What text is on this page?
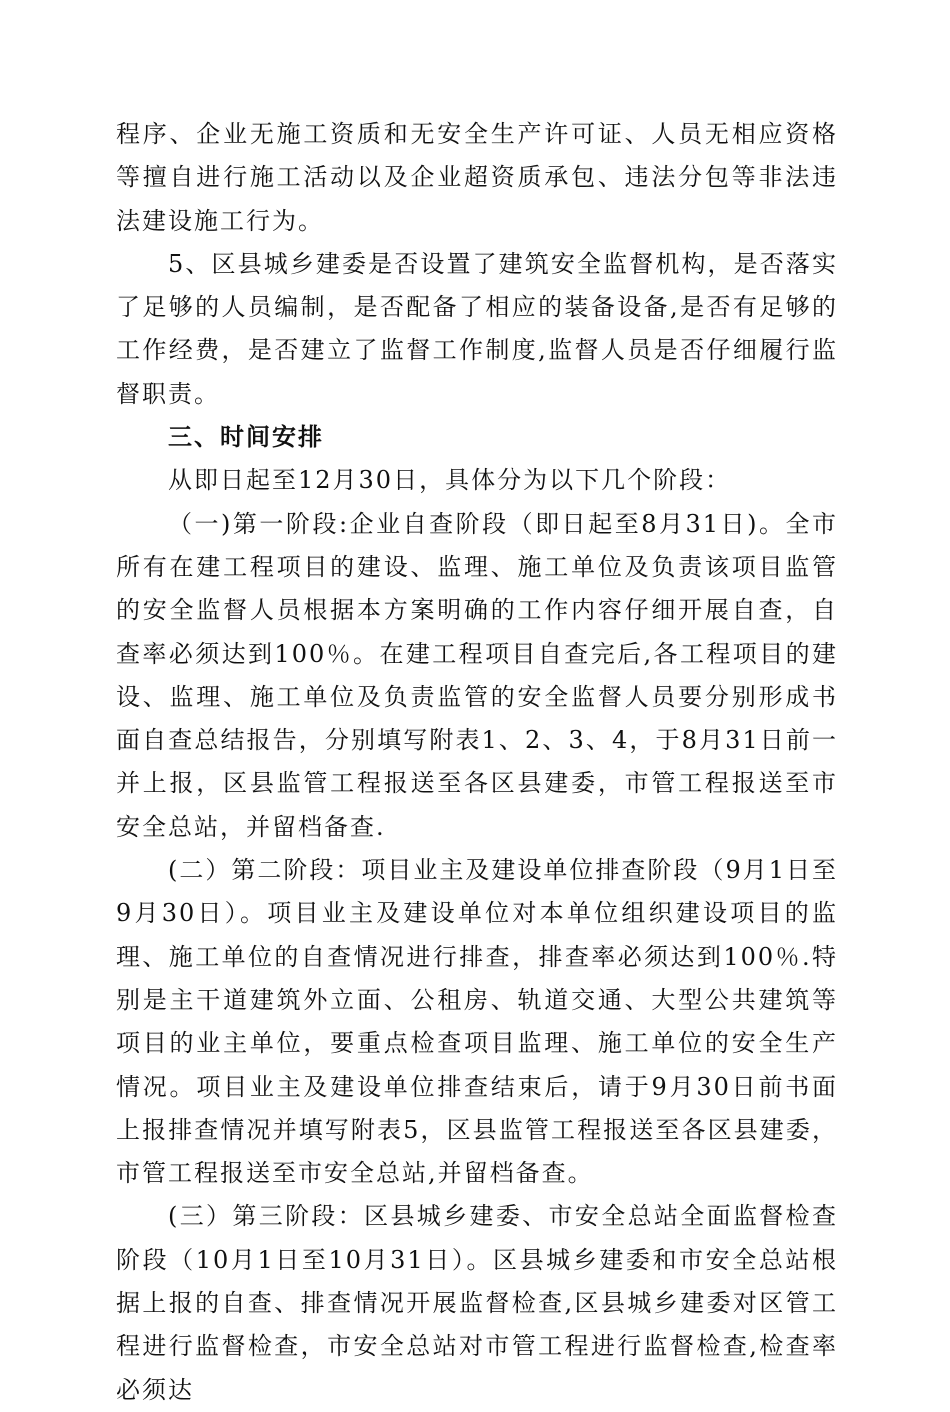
程序、企业无施工资质和无安全生产许可证、人员无相应资格等擅自进行施工活动以及企业超资质承包、违法分包等非法违法建设施工行为。

5、区县城乡建委是否设置了建筑安全监督机构，是否落实了足够的人员编制，是否配备了相应的装备设备,是否有足够的工作经费，是否建立了监督工作制度,监督人员是否仔细履行监督职责。

三、时间安排

从即日起至12月30日，具体分为以下几个阶段：

（一)第一阶段:企业自查阶段（即日起至8月31日)。全市所有在建工程项目的建设、监理、施工单位及负责该项目监管的安全监督人员根据本方案明确的工作内容仔细开展自查，自查率必须达到100％。在建工程项目自查完后,各工程项目的建设、监理、施工单位及负责监管的安全监督人员要分别形成书面自查总结报告，分别填写附表1、2、3、4，于8月31日前一并上报，区县监管工程报送至各区县建委，市管工程报送至市安全总站，并留档备查.

(二）第二阶段：项目业主及建设单位排查阶段（9月1日至9月30日）。项目业主及建设单位对本单位组织建设项目的监理、施工单位的自查情况进行排查，排查率必须达到100％.特别是主干道建筑外立面、公租房、轨道交通、大型公共建筑等项目的业主单位，要重点检查项目监理、施工单位的安全生产情况。项目业主及建设单位排查结束后，请于9月30日前书面上报排查情况并填写附表5，区县监管工程报送至各区县建委，市管工程报送至市安全总站,并留档备查。

(三）第三阶段：区县城乡建委、市安全总站全面监督检查阶段（10月1日至10月31日）。区县城乡建委和市安全总站根据上报的自查、排查情况开展监督检查,区县城乡建委对区管工程进行监督检查，市安全总站对市管工程进行监督检查,检查率必须达
